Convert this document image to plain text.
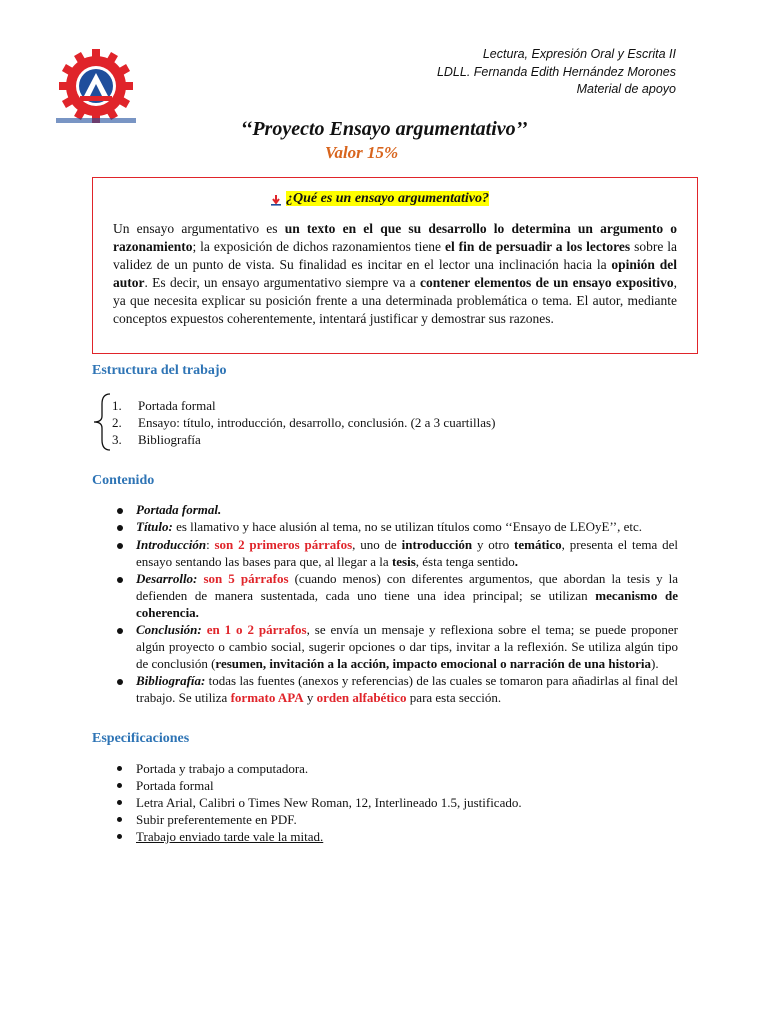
Lectura, Expresión Oral y Escrita II
LDLL. Fernanda Edith Hernández Morones
Material de apoyo
‘‘Proyecto Ensayo argumentativo’’
Valor 15%
¿Qué es un ensayo argumentativo?
Un ensayo argumentativo es un texto en el que su desarrollo lo determina un argumento o razonamiento; la exposición de dichos razonamientos tiene el fin de persuadir a los lectores sobre la validez de un punto de vista. Su finalidad es incitar en el lector una inclinación hacia la opinión del autor. Es decir, un ensayo argumentativo siempre va a contener elementos de un ensayo expositivo, ya que necesita explicar su posición frente a una determinada problemática o tema. El autor, mediante conceptos expuestos coherentemente, intentará justificar y demostrar sus razones.
Estructura del trabajo
1. Portada formal
2. Ensayo: título, introducción, desarrollo, conclusión. (2 a 3 cuartillas)
3. Bibliografía
Contenido
Portada formal.
Título: es llamativo y hace alusión al tema, no se utilizan títulos como ‘‘Ensayo de LEOyE’’, etc.
Introducción: son 2 primeros párrafos, uno de introducción y otro temático, presenta el tema del ensayo sentando las bases para que, al llegar a la tesis, ésta tenga sentido.
Desarrollo: son 5 párrafos (cuando menos) con diferentes argumentos, que abordan la tesis y la defienden de manera sustentada, cada uno tiene una idea principal; se utilizan mecanismo de coherencia.
Conclusión: en 1 o 2 párrafos, se envía un mensaje y reflexiona sobre el tema; se puede proponer algún proyecto o cambio social, sugerir opciones o dar tips, invitar a la reflexión. Se utiliza algún tipo de conclusión (resumen, invitación a la acción, impacto emocional o narración de una historia).
Bibliografía: todas las fuentes (anexos y referencias) de las cuales se tomaron para añadirlas al final del trabajo. Se utiliza formato APA y orden alfabético para esta sección.
Especificaciones
Portada y trabajo a computadora.
Portada formal
Letra Arial, Calibri o Times New Roman, 12, Interlineado 1.5, justificado.
Subir preferentemente en PDF.
Trabajo enviado tarde vale la mitad.
